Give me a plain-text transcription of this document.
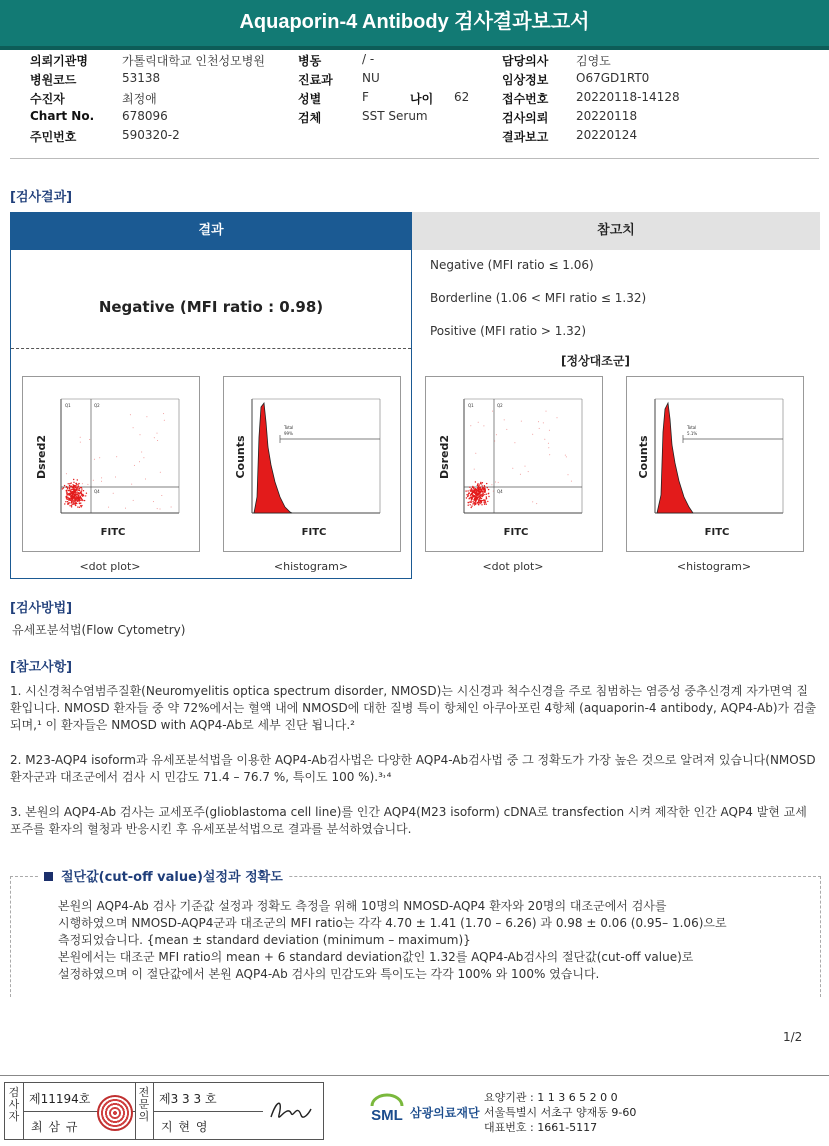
Aquaporin-4 Antibody 검사결과보고서
의뢰기관명	가톨릭대학교 인천성모병원	병동	/ -	담당의사 김영도
병원코드	53138	진료과 NU	임상정보 O67GD1RT0
수진자	최정애	성별	F	나이 62	접수번호 20220118-14128
Chart No. 678096	검체	SST Serum	검사의뢰 20220118
주민번호	590320-2	결과보고 20220124
[검사결과]
결과	참고치
Negative (MFI ratio : 0.98)
Negative (MFI ratio ≤ 1.06)
Borderline (1.06 < MFI ratio ≤ 1.32)
Positive (MFI ratio > 1.32)
[정상대조군]
Q1	Q2
Q4
Dsred2
FITC
<dot plot>
Total
99%
Counts
FITC
<histogram>
Q1	Q2
Q4
Dsred2
FITC
<dot plot>
Total
5.1%
Counts
FITC
<histogram>
[검사방법]
유세포분석법(Flow Cytometry)
[참고사항]
1. 시신경척수염범주질환(Neuromyelitis optica spectrum disorder, NMOSD)는 시신경과 척수신경을 주로 침범하는 염증성 중추신경계 자가면역 질환입니다. NMOSD 환자들 중 약 72%에서는 혈액 내에 NMOSD에 대한 질병 특이 항체인 아쿠아포린 4항체 (aquaporin-4 antibody, AQP4-Ab)가 검출되며,¹ 이 환자들은 NMOSD with AQP4-Ab로 세부 진단 됩니다.²
2. M23-AQP4 isoform과 유세포분석법을 이용한 AQP4-Ab검사법은 다양한 AQP4-Ab검사법 중 그 정확도가 가장 높은 것으로 알려져 있습니다(NMOSD환자군과 대조군에서 검사 시 민감도 71.4 – 76.7 %, 특이도 100 %).³˒⁴
3. 본원의 AQP4-Ab 검사는 교세포주(glioblastoma cell line)를 인간 AQP4(M23 isoform) cDNA로 transfection 시켜 제작한 인간 AQP4 발현 교세포주를 환자의 혈청과 반응시킨 후 유세포분석법으로 결과를 분석하였습니다.
절단값(cut-off value)설정과 정확도
본원의 AQP4-Ab 검사 기준값 설정과 정확도 측정을 위해 10명의 NMOSD-AQP4 환자와 20명의 대조군에서 검사를
시행하였으며 NMOSD-AQP4군과 대조군의 MFI ratio는 각각 4.70 ± 1.41 (1.70 – 6.26) 과 0.98 ± 0.06 (0.95– 1.06)으로
측정되었습니다. {mean ± standard deviation (minimum – maximum)}
본원에서는 대조군 MFI ratio의 mean + 6 standard deviation값인 1.32를 AQP4-Ab검사의 절단값(cut-off value)로
설정하였으며 이 절단값에서 본원 AQP4-Ab 검사의 민감도와 특이도는 각각 100% 와 100% 였습니다.
1/2
검사자
제11194호
최 삼 규
전문의
제3 3 3 호
지 현 영
SML 삼광의료재단
요양기관 : 1 1 3 6 5 2 0 0
서울특별시 서초구 양재동 9-60
대표번호 : 1661-5117
